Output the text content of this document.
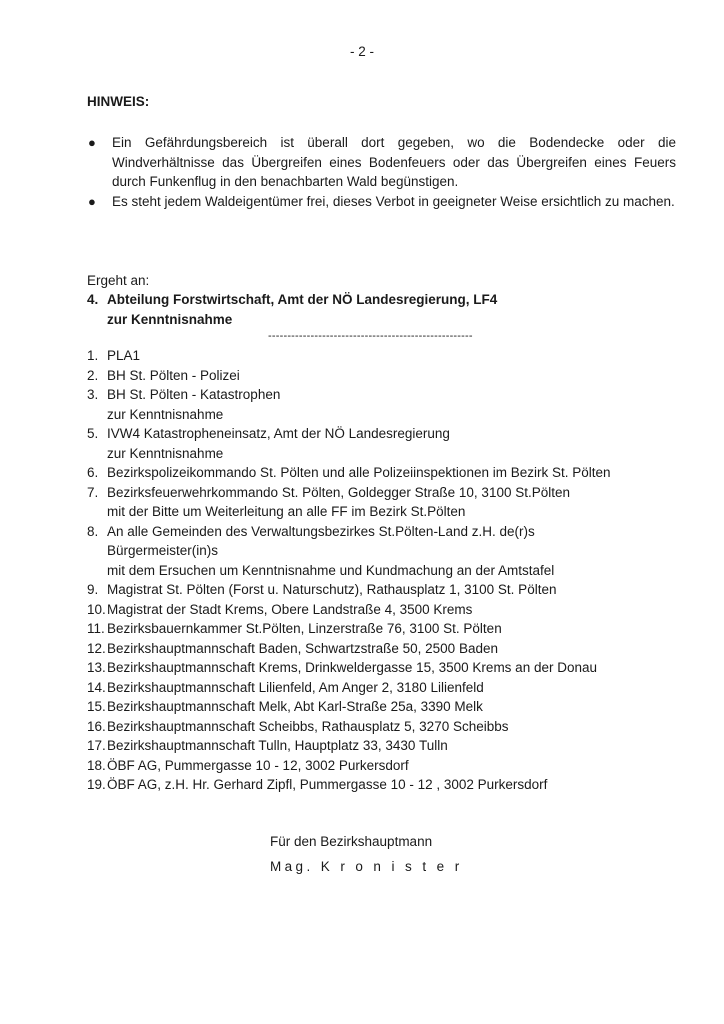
- 2 -
HINWEIS:
● Ein Gefährdungsbereich ist überall dort gegeben, wo die Bodendecke oder die Windverhältnisse das Übergreifen eines Bodenfeuers oder das Übergreifen eines Feuers durch Funkenflug in den benachbarten Wald begünstigen.
● Es steht jedem Waldeigentümer frei, dieses Verbot in geeigneter Weise ersichtlich zu machen.
Ergeht an:
4. Abteilung Forstwirtschaft, Amt der NÖ Landesregierung, LF4
zur Kenntnisnahme
-----------------------------------------------------
1. PLA1
2. BH St. Pölten - Polizei
3. BH St. Pölten - Katastrophen
zur Kenntnisnahme
5. IVW4 Katastropheneinsatz, Amt der NÖ Landesregierung
zur Kenntnisnahme
6. Bezirkspolizeikommando St. Pölten und alle Polizeiinspektionen im Bezirk St. Pölten
7. Bezirksfeuerwehrkommando St. Pölten, Goldegger Straße 10, 3100 St.Pölten
mit der Bitte um Weiterleitung an alle FF im Bezirk St.Pölten
8. An alle Gemeinden des Verwaltungsbezirkes St.Pölten-Land z.H. de(r)s
Bürgermeister(in)s
mit dem Ersuchen um Kenntnisnahme und Kundmachung an der Amtstafel
9. Magistrat St. Pölten (Forst u. Naturschutz), Rathausplatz 1, 3100 St. Pölten
10. Magistrat der Stadt Krems, Obere Landstraße 4, 3500 Krems
11. Bezirksbauernkammer St.Pölten, Linzerstraße 76, 3100 St. Pölten
12. Bezirkshauptmannschaft Baden, Schwartzstraße 50, 2500 Baden
13. Bezirkshauptmannschaft Krems, Drinkweldergasse 15, 3500 Krems an der Donau
14. Bezirkshauptmannschaft Lilienfeld, Am Anger 2, 3180 Lilienfeld
15. Bezirkshauptmannschaft Melk, Abt Karl-Straße 25a, 3390 Melk
16. Bezirkshauptmannschaft Scheibbs, Rathausplatz 5, 3270 Scheibbs
17. Bezirkshauptmannschaft Tulln, Hauptplatz 33, 3430 Tulln
18. ÖBF AG, Pummergasse 10 - 12, 3002 Purkersdorf
19. ÖBF AG, z.H. Hr. Gerhard Zipfl, Pummergasse 10 - 12 , 3002 Purkersdorf
Für den Bezirkshauptmann
Mag. K r o n i s t e r
